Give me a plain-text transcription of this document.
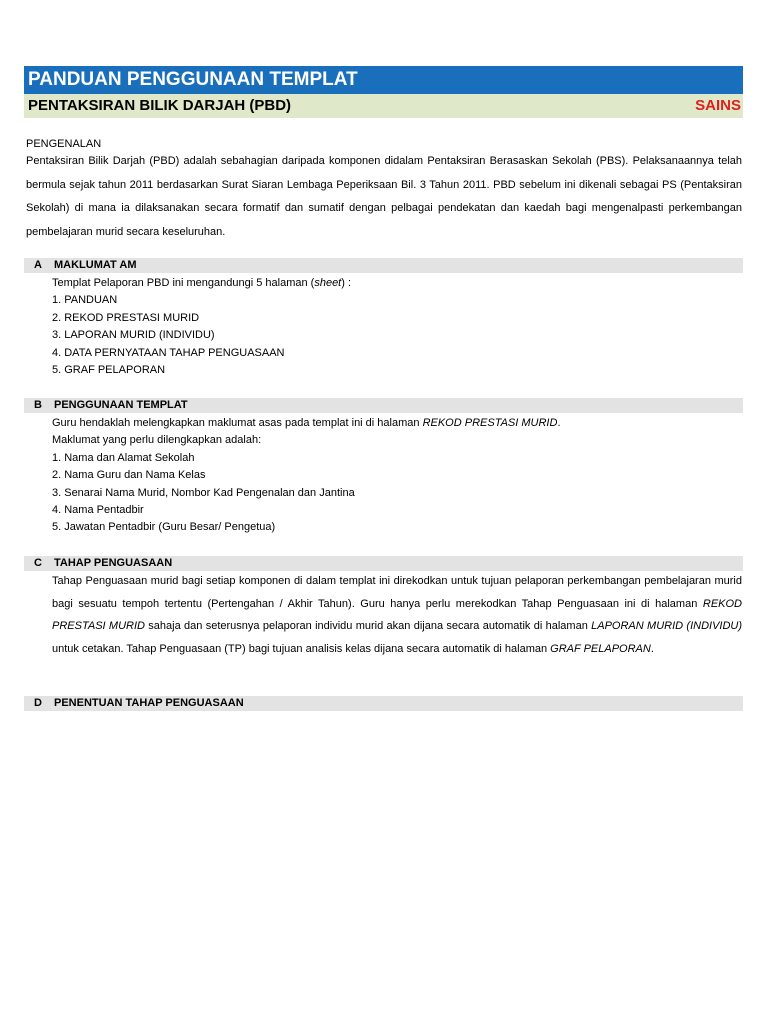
PANDUAN PENGGUNAAN TEMPLAT
PENTAKSIRAN BILIK DARJAH (PBD)	SAINS
PENGENALAN
Pentaksiran Bilik Darjah (PBD) adalah sebahagian daripada komponen didalam Pentaksiran Berasaskan Sekolah (PBS). Pelaksanaannya telah bermula sejak tahun 2011 berdasarkan Surat Siaran Lembaga Peperiksaan Bil. 3 Tahun 2011. PBD sebelum ini dikenali sebagai PS (Pentaksiran Sekolah) di mana ia dilaksanakan secara formatif dan sumatif dengan pelbagai pendekatan dan kaedah bagi mengenalpasti perkembangan pembelajaran murid secara keseluruhan.
A MAKLUMAT AM
Templat Pelaporan PBD ini mengandungi 5 halaman (sheet) :
1. PANDUAN
2. REKOD PRESTASI MURID
3. LAPORAN MURID (INDIVIDU)
4. DATA PERNYATAAN TAHAP PENGUASAAN
5. GRAF PELAPORAN
B PENGGUNAAN TEMPLAT
Guru hendaklah melengkapkan maklumat asas pada templat ini di halaman REKOD PRESTASI MURID.
Maklumat yang perlu dilengkapkan adalah:
1. Nama dan Alamat Sekolah
2. Nama Guru dan Nama Kelas
3. Senarai Nama Murid, Nombor Kad Pengenalan dan Jantina
4. Nama Pentadbir
5. Jawatan Pentadbir (Guru Besar/ Pengetua)
C TAHAP PENGUASAAN
Tahap Penguasaan murid bagi setiap komponen di dalam templat ini direkodkan untuk tujuan pelaporan perkembangan pembelajaran murid bagi sesuatu tempoh tertentu (Pertengahan / Akhir Tahun). Guru hanya perlu merekodkan Tahap Penguasaan ini di halaman REKOD PRESTASI MURID sahaja dan seterusnya pelaporan individu murid akan dijana secara automatik di halaman LAPORAN MURID (INDIVIDU) untuk cetakan. Tahap Penguasaan (TP) bagi tujuan analisis kelas dijana secara automatik di halaman GRAF PELAPORAN.
D PENENTUAN TAHAP PENGUASAAN
